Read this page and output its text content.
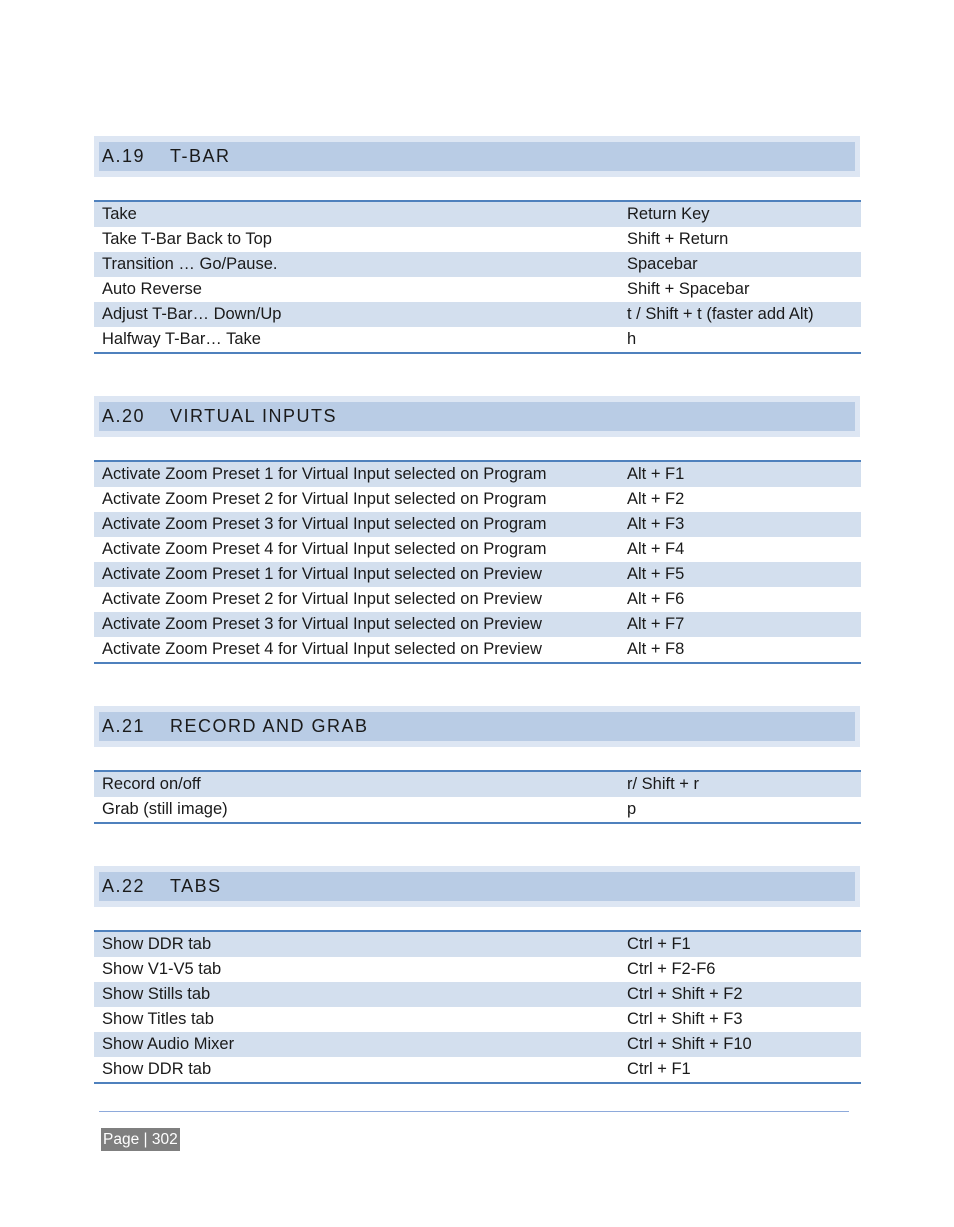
A.19	T-BAR
Take	Return Key
Take T-Bar Back to Top	Shift + Return
Transition … Go/Pause.	Spacebar
Auto Reverse	Shift + Spacebar
Adjust T-Bar… Down/Up	t / Shift + t (faster add Alt)
Halfway T-Bar… Take	h
A.20	VIRTUAL INPUTS
Activate Zoom Preset 1 for Virtual Input selected on Program	Alt + F1
Activate Zoom Preset 2 for Virtual Input selected on Program	Alt + F2
Activate Zoom Preset 3 for Virtual Input selected on Program	Alt + F3
Activate Zoom Preset 4 for Virtual Input selected on Program	Alt + F4
Activate Zoom Preset 1 for Virtual Input selected on Preview	Alt + F5
Activate Zoom Preset 2 for Virtual Input selected on Preview	Alt + F6
Activate Zoom Preset 3 for Virtual Input selected on Preview	Alt + F7
Activate Zoom Preset 4 for Virtual Input selected on Preview	Alt + F8
A.21	RECORD AND GRAB
Record on/off	r/ Shift + r
Grab (still image)	p
A.22	TABS
Show DDR tab	Ctrl + F1
Show V1-V5 tab	Ctrl + F2-F6
Show Stills tab	Ctrl + Shift + F2
Show Titles tab	Ctrl + Shift + F3
Show Audio Mixer	Ctrl + Shift + F10
Show DDR tab	Ctrl + F1
Page | 302
